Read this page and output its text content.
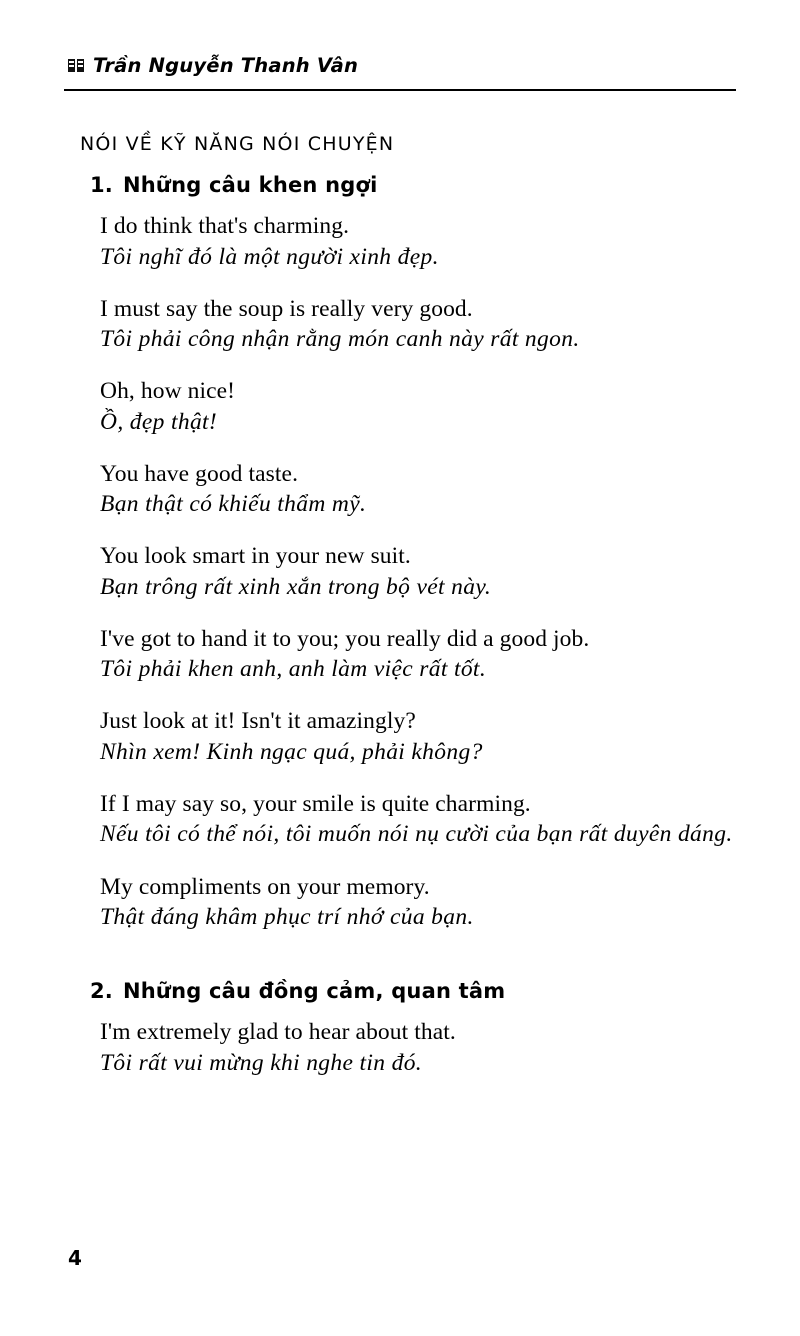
Trần Nguyễn Thanh Vân
NÓI VỀ KỸ NĂNG NÓI CHUYỆN
1. Những câu khen ngợi
I do think that's charming.
Tôi nghĩ đó là một người xinh đẹp.
I must say the soup is really very good.
Tôi phải công nhận rằng món canh này rất ngon.
Oh, how nice!
Ồ, đẹp thật!
You have good taste.
Bạn thật có khiếu thẩm mỹ.
You look smart in your new suit.
Bạn trông rất xinh xắn trong bộ vét này.
I've got to hand it to you; you really did a good job.
Tôi phải khen anh, anh làm việc rất tốt.
Just look at it! Isn't it amazingly?
Nhìn xem! Kinh ngạc quá, phải không?
If I may say so, your smile is quite charming.
Nếu tôi có thể nói, tôi muốn nói nụ cười của bạn rất duyên dáng.
My compliments on your memory.
Thật đáng khâm phục trí nhớ của bạn.
2. Những câu đồng cảm, quan tâm
I'm extremely glad to hear about that.
Tôi rất vui mừng khi nghe tin đó.
4
